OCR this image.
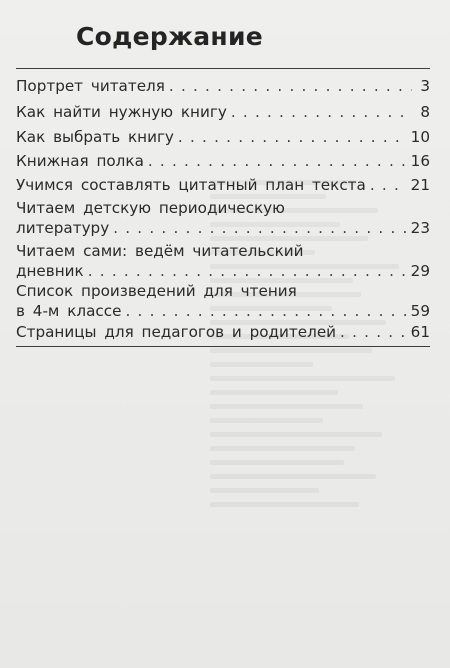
Содержание
Портрет читателя . . .	3
Как найти нужную книгу . . .	8
Как выбрать книгу . . .	10
Книжная полка . . .	16
Учимся составлять цитатный план текста . . .	21
Читаем детскую периодическую
литературу . . .	23
Читаем сами: ведём читательский
дневник . . .	29
Список произведений для чтения
в 4-м классе . . .	59
Страницы для педагогов и родителей . . .	61
